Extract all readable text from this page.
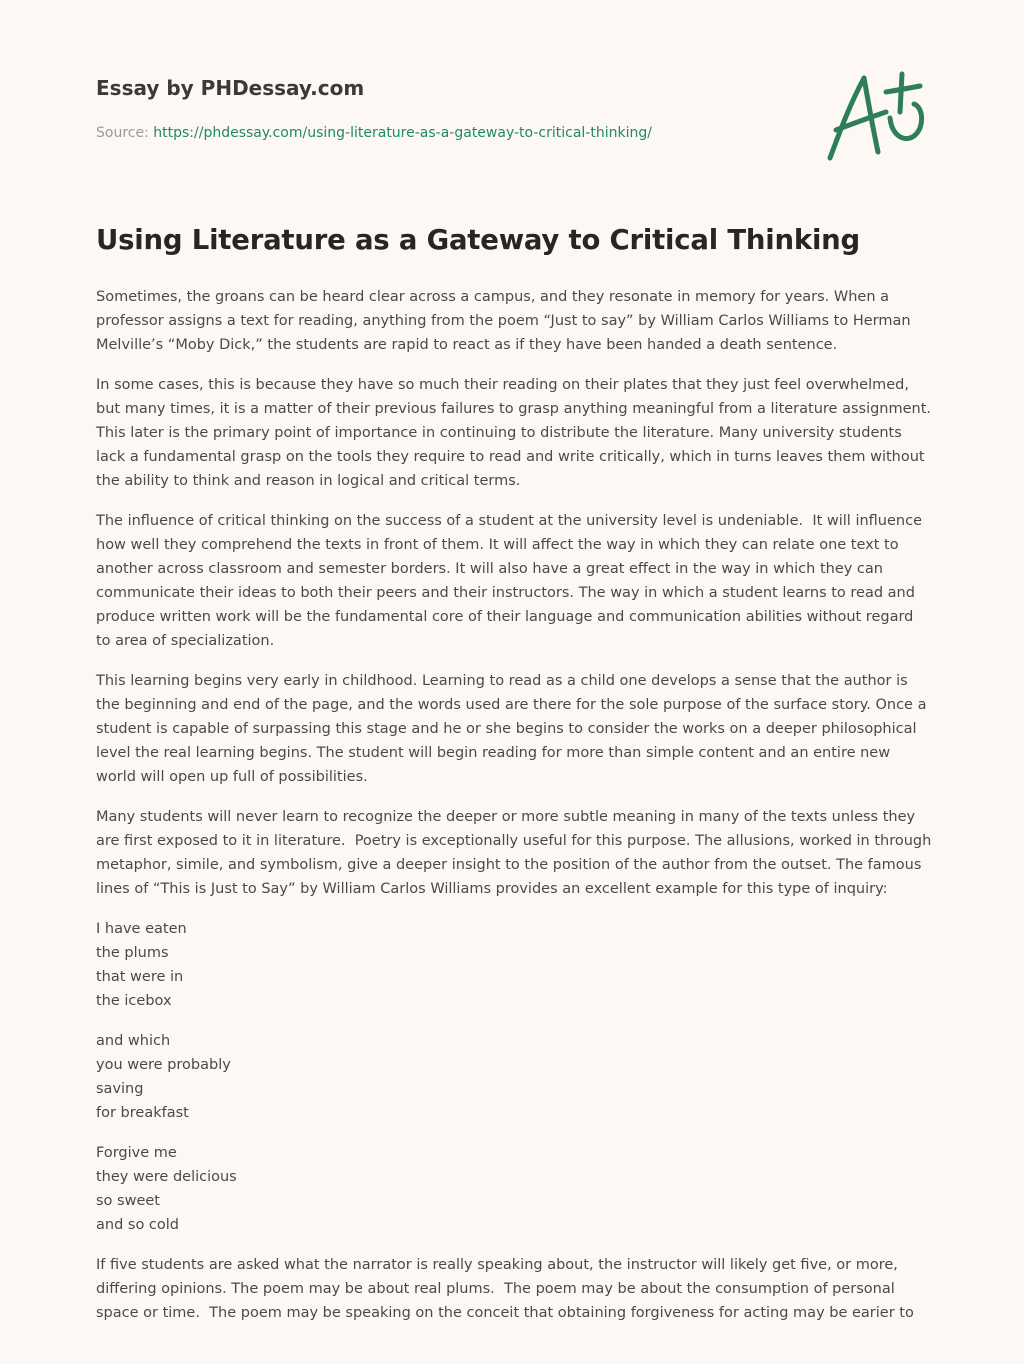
Essay by PHDessay.com
Source: https://phdessay.com/using-literature-as-a-gateway-to-critical-thinking/
Using Literature as a Gateway to Critical Thinking

Sometimes, the groans can be heard clear across a campus, and they resonate in memory for years. When a professor assigns a text for reading, anything from the poem “Just to say” by William Carlos Williams to Herman Melville’s “Moby Dick,” the students are rapid to react as if they have been handed a death sentence.

In some cases, this is because they have so much their reading on their plates that they just feel overwhelmed, but many times, it is a matter of their previous failures to grasp anything meaningful from a literature assignment. This later is the primary point of importance in continuing to distribute the literature. Many university students lack a fundamental grasp on the tools they require to read and write critically, which in turns leaves them without the ability to think and reason in logical and critical terms.

The influence of critical thinking on the success of a student at the university level is undeniable.  It will influence how well they comprehend the texts in front of them. It will affect the way in which they can relate one text to another across classroom and semester borders. It will also have a great effect in the way in which they can communicate their ideas to both their peers and their instructors. The way in which a student learns to read and produce written work will be the fundamental core of their language and communication abilities without regard to area of specialization.

This learning begins very early in childhood. Learning to read as a child one develops a sense that the author is the beginning and end of the page, and the words used are there for the sole purpose of the surface story. Once a student is capable of surpassing this stage and he or she begins to consider the works on a deeper philosophical level the real learning begins. The student will begin reading for more than simple content and an entire new world will open up full of possibilities.

Many students will never learn to recognize the deeper or more subtle meaning in many of the texts unless they are first exposed to it in literature.  Poetry is exceptionally useful for this purpose. The allusions, worked in through metaphor, simile, and symbolism, give a deeper insight to the position of the author from the outset. The famous lines of “This is Just to Say” by William Carlos Williams provides an excellent example for this type of inquiry:

I have eaten
the plums
that were in
the icebox

and which
you were probably
saving
for breakfast

Forgive me
they were delicious
so sweet
and so cold

If five students are asked what the narrator is really speaking about, the instructor will likely get five, or more, differing opinions. The poem may be about real plums.  The poem may be about the consumption of personal space or time.  The poem may be speaking on the conceit that obtaining forgiveness for acting may be earier to
